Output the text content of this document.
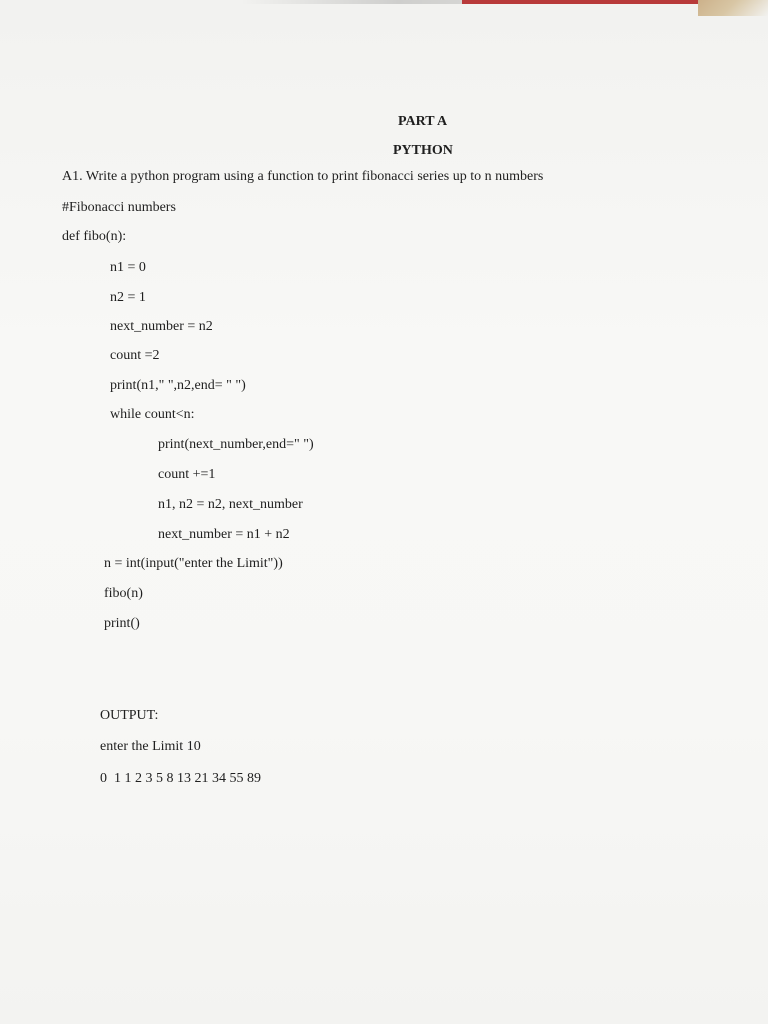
PART A
PYTHON
A1. Write a python program using a function to print fibonacci series up to n numbers
#Fibonacci numbers
def fibo(n):
n1 = 0
n2 = 1
next_number = n2
count =2
print(n1," ",n2,end= " ")
while count<n:
print(next_number,end=" ")
count +=1
n1, n2 = n2, next_number
next_number = n1 + n2
n = int(input("enter the Limit"))
fibo(n)
print()
OUTPUT:
enter the Limit 10
0  1 1 2 3 5 8 13 21 34 55 89
